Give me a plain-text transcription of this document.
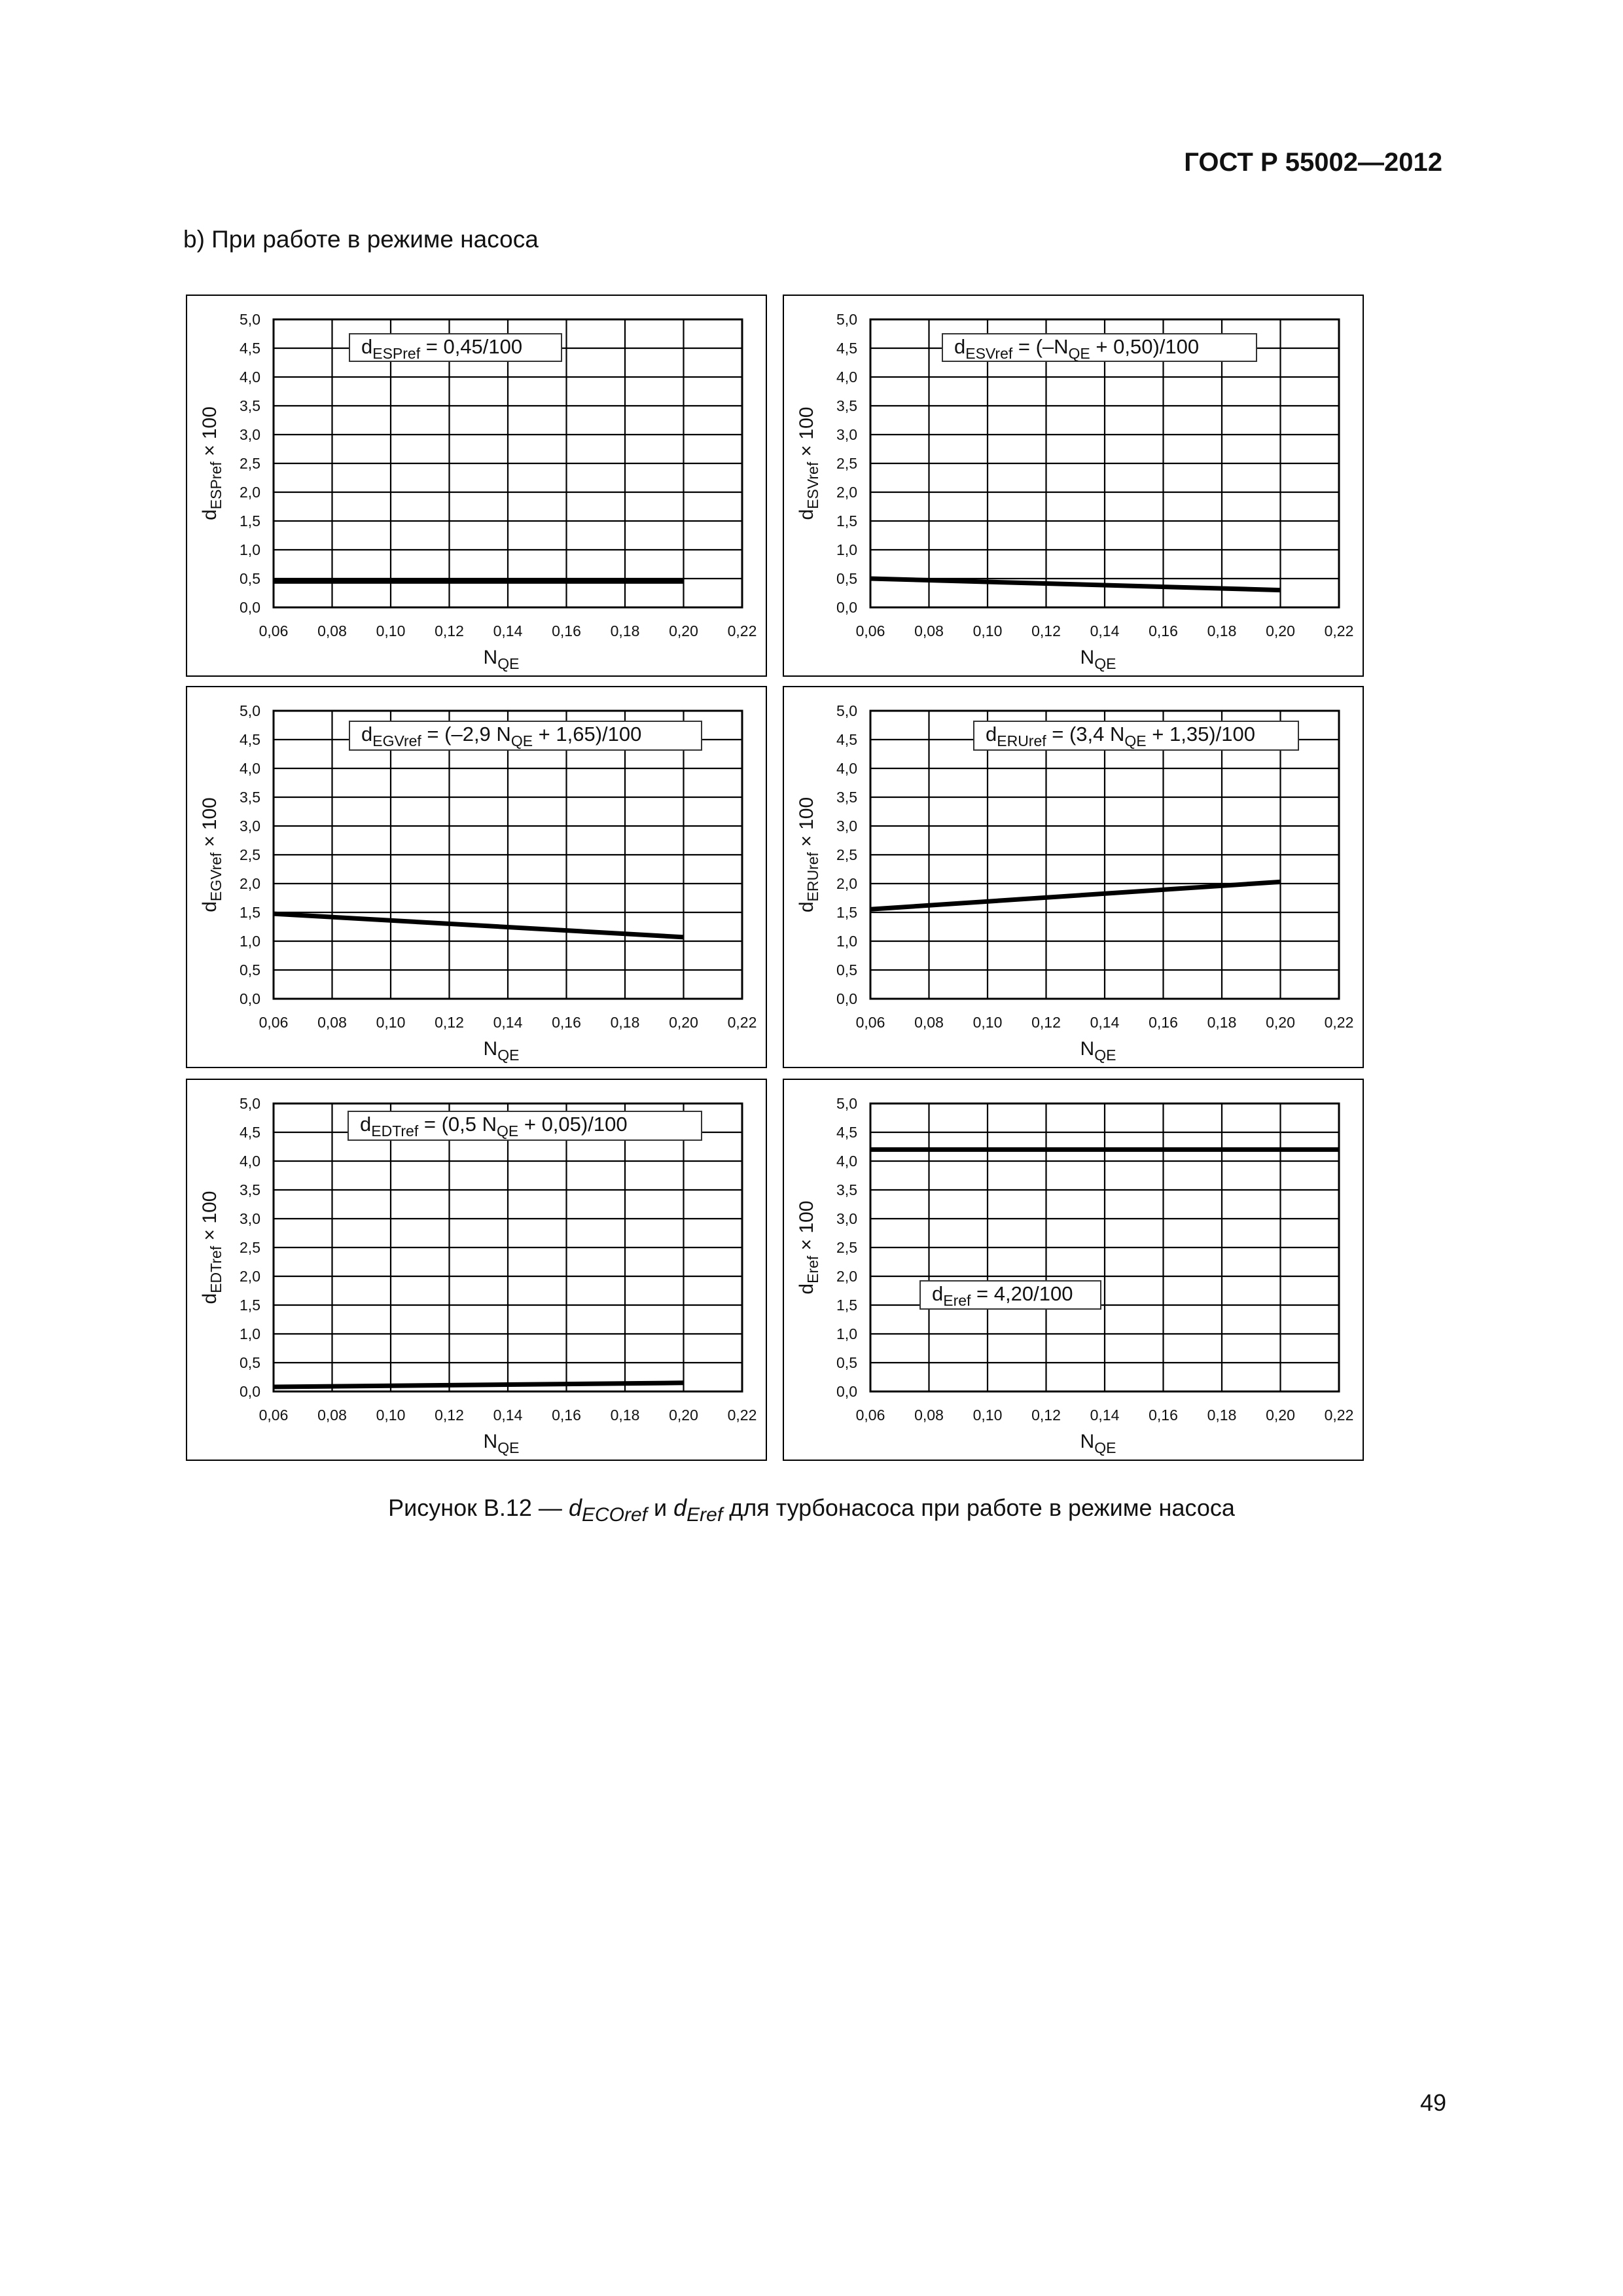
ГОСТ Р 55002—2012
b) При работе в режиме насоса
0,06 0,08 0,10 0,12 0,14 0,16 0,18 0,20 0,22
0,0
0,5
1,0
1,5
2,0
2,5
3,0
3,5
4,0
4,5
5,0
$N_{QE}$
$d_{ESPref} \times 100$
$d_{ESPref} = 0,45/100$
0,06 0,08 0,10 0,12 0,14 0,16 0,18 0,20 0,22
0,0
0,5
1,0
1,5
2,0
2,5
3,0
3,5
4,0
4,5
5,0
$N_{QE}$
$d_{ESVref} \times 100$
$d_{ESVref} = (-N_{QE} + 0,50)/100$
0,06 0,08 0,10 0,12 0,14 0,16 0,18 0,20 0,22
0,0
0,5
1,0
1,5
2,0
2,5
3,0
3,5
4,0
4,5
5,0
$N_{QE}$
$d_{EGVref} \times 100$
$d_{EGVref} = (-2,9$ $N_{QE} + 1,65)/100$
0,06 0,08 0,10 0,12 0,14 0,16 0,18 0,20 0,22
0,0
0,5
1,0
1,5
2,0
2,5
3,0
3,5
4,0
4,5
5,0
$N_{QE}$
$d_{ERUref} \times 100$
$d_{ERUref} = (3,4$ $N_{QE} + 1,35)/100$
0,06 0,08 0,10 0,12 0,14 0,16 0,18 0,20 0,22
0,0
0,5
1,0
1,5
2,0
2,5
3,0
3,5
4,0
4,5
5,0
$N_{QE}$
$d_{EDTref} \times 100$
$d_{EDTref} = (0,5$ $N_{QE} + 0,05)/100$
0,06 0,08 0,10 0,12 0,14 0,16 0,18 0,20 0,22
0,0
0,5
1,0
1,5
2,0
2,5
3,0
3,5
4,0
4,5
5,0
$N_{QE}$
$d_{Eref} \times 100$
$d_{Eref} = 4,20/100$
Рисунок В.12 — $d_{ECOref}$ и $d_{Eref}$ для турбонасоса при работе в режиме насоса
49
